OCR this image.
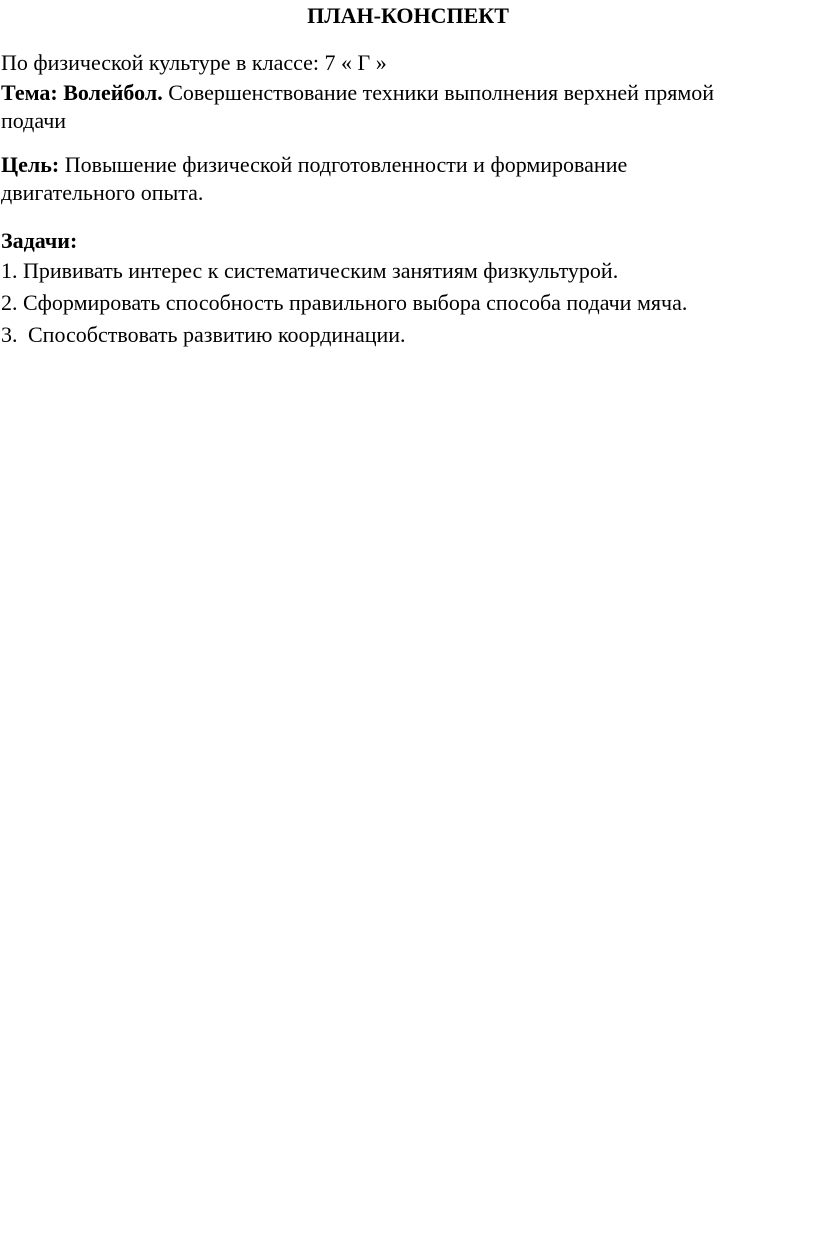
ПЛАН-КОНСПЕКТ
По физической культуре в классе: 7 « Г »
Тема: Волейбол. Совершенствование техники выполнения верхней прямой
подачи
Цель: Повышение физической подготовленности и формирование
двигательного опыта.
Задачи:
1. Прививать интерес к систематическим занятиям физкультурой.
2. Сформировать способность правильного выбора способа подачи мяча.
3. Способствовать развитию координации.
